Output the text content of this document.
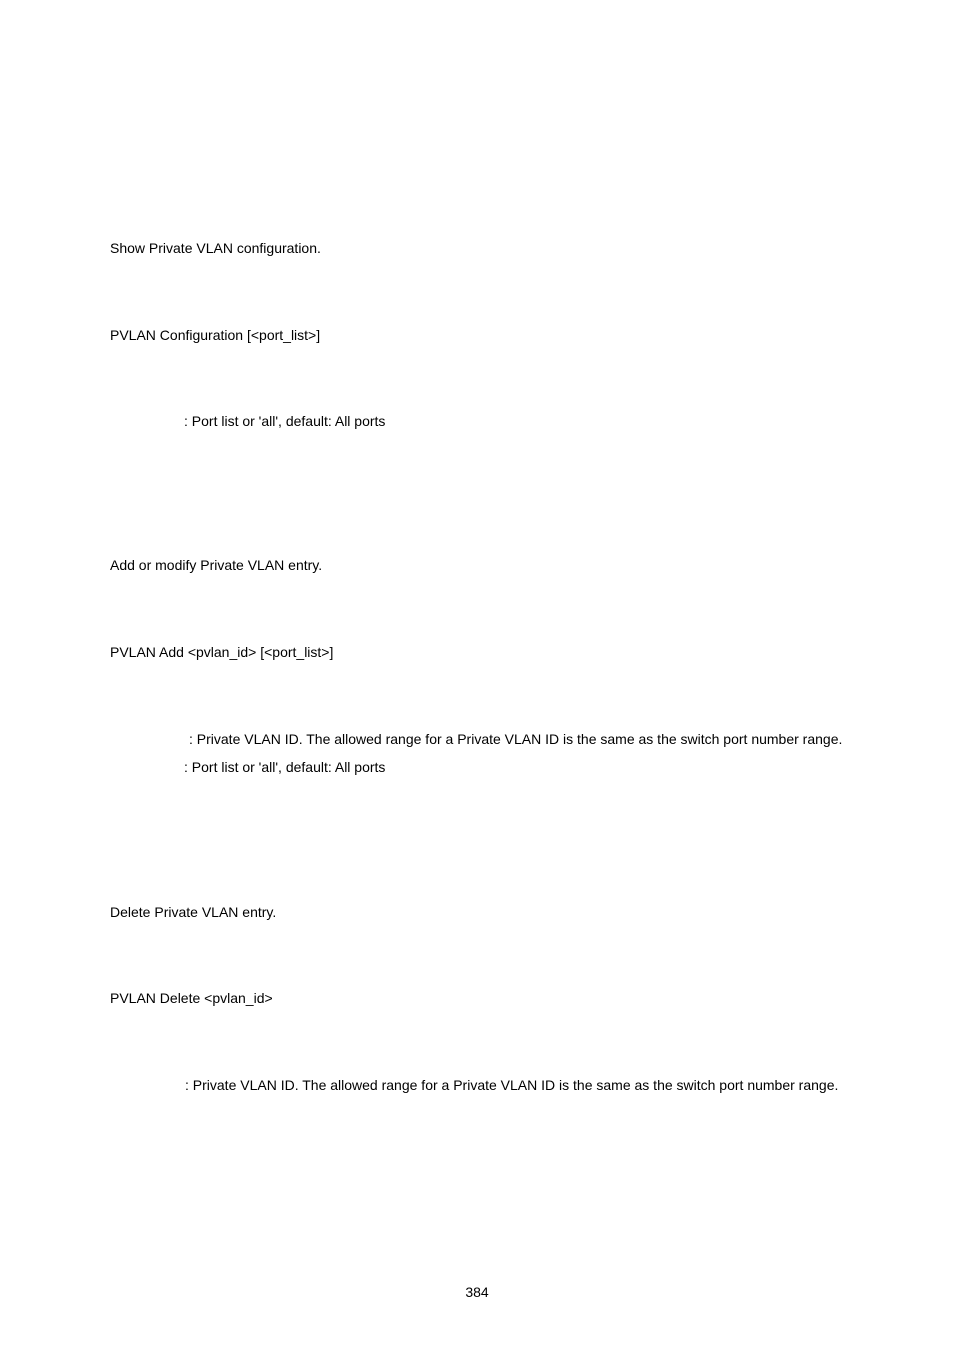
Show Private VLAN configuration.
PVLAN Configuration [<port_list>]
: Port list or 'all', default: All ports
Add or modify Private VLAN entry.
PVLAN Add <pvlan_id> [<port_list>]
: Private VLAN ID. The allowed range for a Private VLAN ID is the same as the switch port number range.
: Port list or 'all', default: All ports
Delete Private VLAN entry.
PVLAN Delete <pvlan_id>
: Private VLAN ID. The allowed range for a Private VLAN ID is the same as the switch port number range.
384
